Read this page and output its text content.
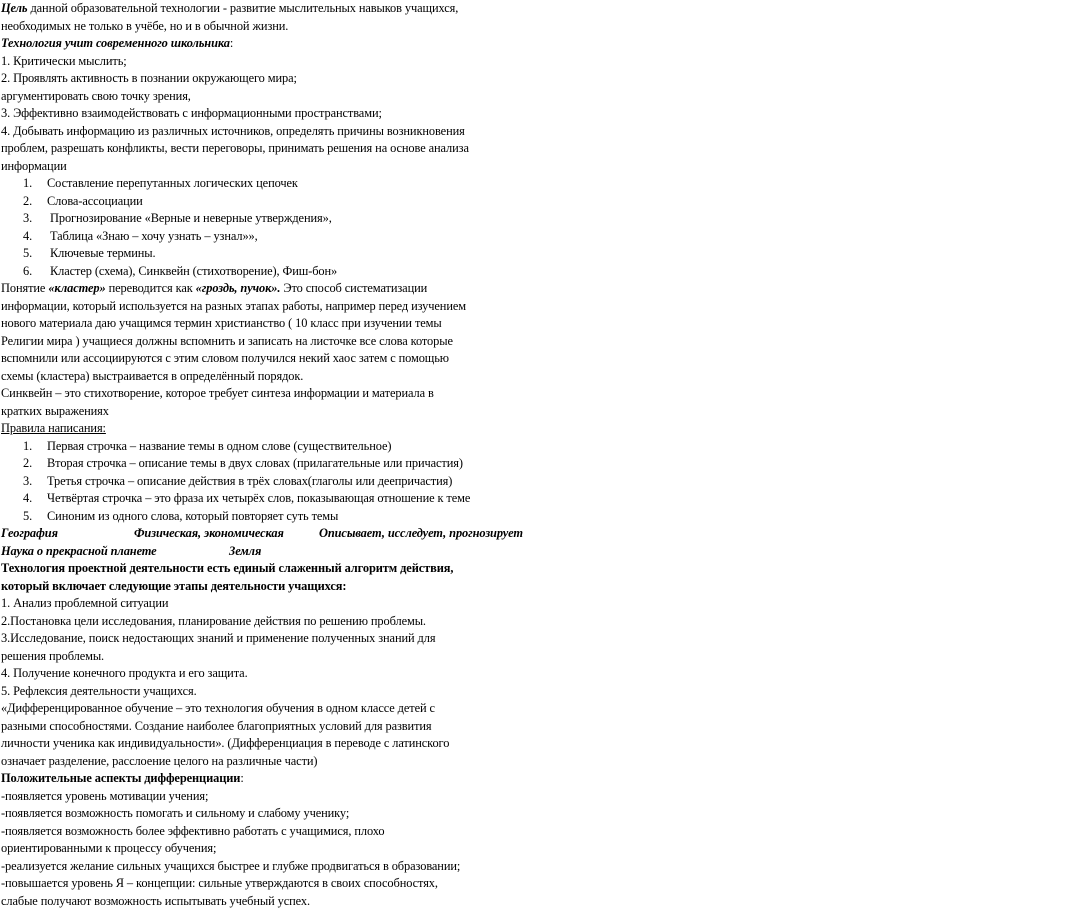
Цель данной образовательной технологии - развитие мыслительных навыков учащихся,
необходимых не только в учёбе, но и в обычной жизни.
Технология учит современного школьника:
1. Критически мыслить;
2. Проявлять активность в познании окружающего мира;
аргументировать свою точку зрения,
3. Эффективно взаимодействовать с информационными пространствами;
4. Добывать информацию из различных источников, определять причины возникновения
проблем, разрешать конфликты, вести переговоры, принимать решения на основе анализа
информации
1. Составление перепутанных логических цепочек
2. Слова-ассоциации
3. Прогнозирование «Верные и неверные утверждения»,
4. Таблица «Знаю – хочу узнать – узнал»»,
5. Ключевые термины.
6. Кластер (схема), Синквейн (стихотворение), Фиш-бон»
Понятие «кластер» переводится как «гроздь, пучок». Это способ систематизации
информации, который используется на разных этапах работы, например перед изучением
нового материала даю учащимся термин христианство ( 10 класс при изучении темы
Религии мира ) учащиеся должны вспомнить и записать на листочке все слова которые
вспомнили или ассоциируются с этим словом получился некий хаос затем с помощью
схемы (кластера) выстраивается в определённый порядок.
Синквейн – это стихотворение, которое требует синтеза информации и материала в
кратких выражениях
Правила написания:
1. Первая строчка – название темы в одном слове (существительное)
2. Вторая строчка – описание темы в двух словах (прилагательные или причастия)
3. Третья строчка – описание действия в трёх словах(глаголы или деепричастия)
4. Четвёртая строчка – это фраза их четырёх слов, показывающая отношение к теме
5. Синоним из одного слова, который повторяет суть темы
География	Физическая, экономическая	Описывает, исследует, прогнозирует
Наука о прекрасной планете	Земля
Технология проектной деятельности есть единый слаженный алгоритм действия,
который включает следующие этапы деятельности учащихся:
1. Анализ проблемной ситуации
2.Постановка цели исследования, планирование действия по решению проблемы.
3.Исследование, поиск недостающих знаний и применение полученных знаний для
решения проблемы.
4. Получение конечного продукта и его защита.
5. Рефлексия деятельности учащихся.
«Дифференцированное обучение – это технология обучения в одном классе детей с
разными способностями. Создание наиболее благоприятных условий для развития
личности ученика как индивидуальности». (Дифференциация в переводе с латинского
означает разделение, расслоение целого на различные части)
Положительные аспекты дифференциации:
-появляется уровень мотивации учения;
-появляется возможность помогать и сильному и слабому ученику;
-появляется возможность более эффективно работать с учащимися, плохо
ориентированными к процессу обучения;
-реализуется желание сильных учащихся быстрее и глубже продвигаться в образовании;
-повышается уровень Я – концепции: сильные утверждаются в своих способностях,
слабые получают возможность испытывать учебный успех.
